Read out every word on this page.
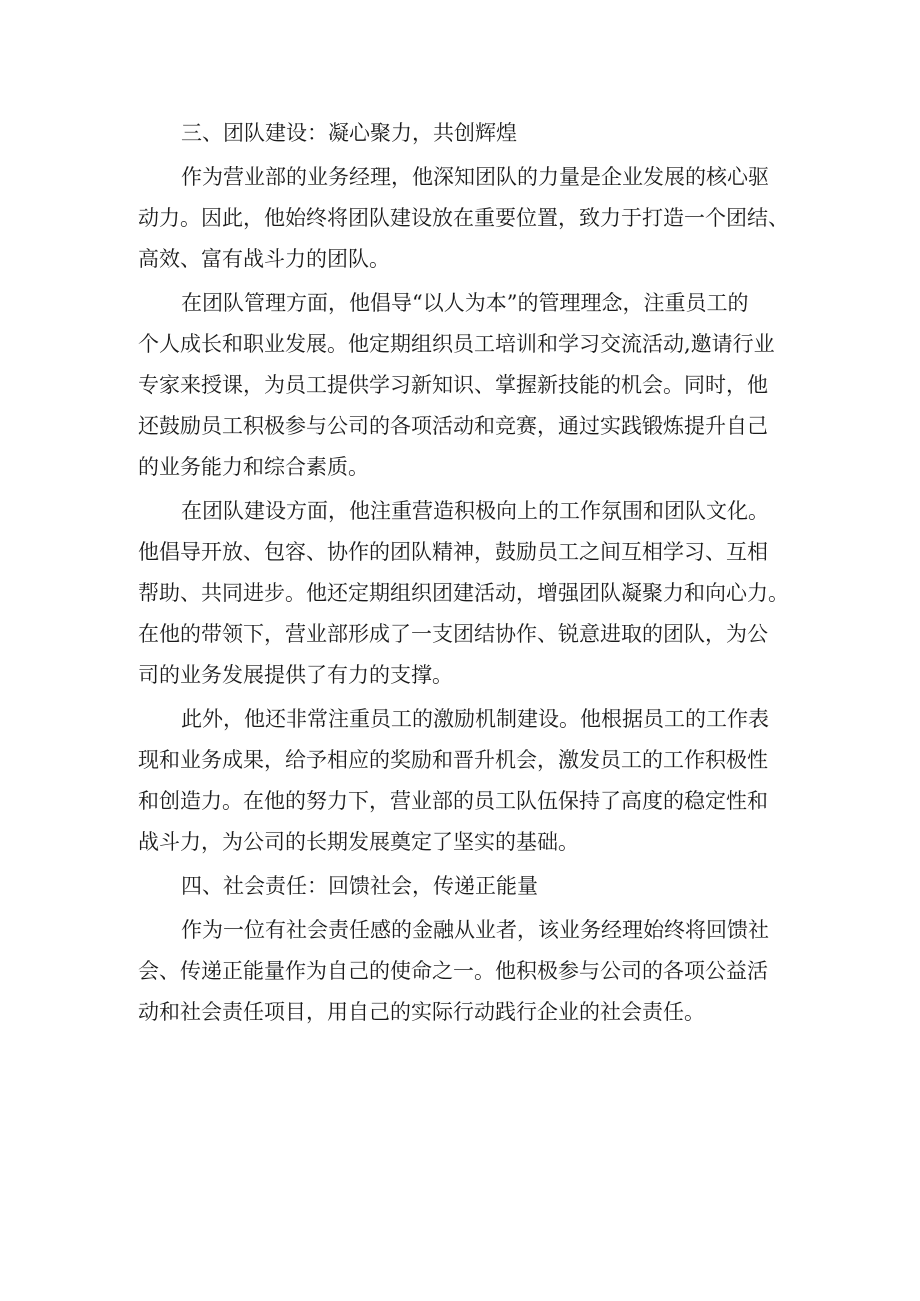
三、团队建设：凝心聚力，共创辉煌
作为营业部的业务经理，他深知团队的力量是企业发展的核心驱
动力。因此，他始终将团队建设放在重要位置，致力于打造一个团结、
高效、富有战斗力的团队。
在团队管理方面，他倡导“以人为本”的管理理念，注重员工的
个人成长和职业发展。他定期组织员工培训和学习交流活动,邀请行业
专家来授课，为员工提供学习新知识、掌握新技能的机会。同时，他
还鼓励员工积极参与公司的各项活动和竞赛，通过实践锻炼提升自己
的业务能力和综合素质。
在团队建设方面，他注重营造积极向上的工作氛围和团队文化。
他倡导开放、包容、协作的团队精神，鼓励员工之间互相学习、互相
帮助、共同进步。他还定期组织团建活动，增强团队凝聚力和向心力。
在他的带领下，营业部形成了一支团结协作、锐意进取的团队，为公
司的业务发展提供了有力的支撑。
此外，他还非常注重员工的激励机制建设。他根据员工的工作表
现和业务成果，给予相应的奖励和晋升机会，激发员工的工作积极性
和创造力。在他的努力下，营业部的员工队伍保持了高度的稳定性和
战斗力，为公司的长期发展奠定了坚实的基础。
四、社会责任：回馈社会，传递正能量
作为一位有社会责任感的金融从业者，该业务经理始终将回馈社
会、传递正能量作为自己的使命之一。他积极参与公司的各项公益活
动和社会责任项目，用自己的实际行动践行企业的社会责任。
